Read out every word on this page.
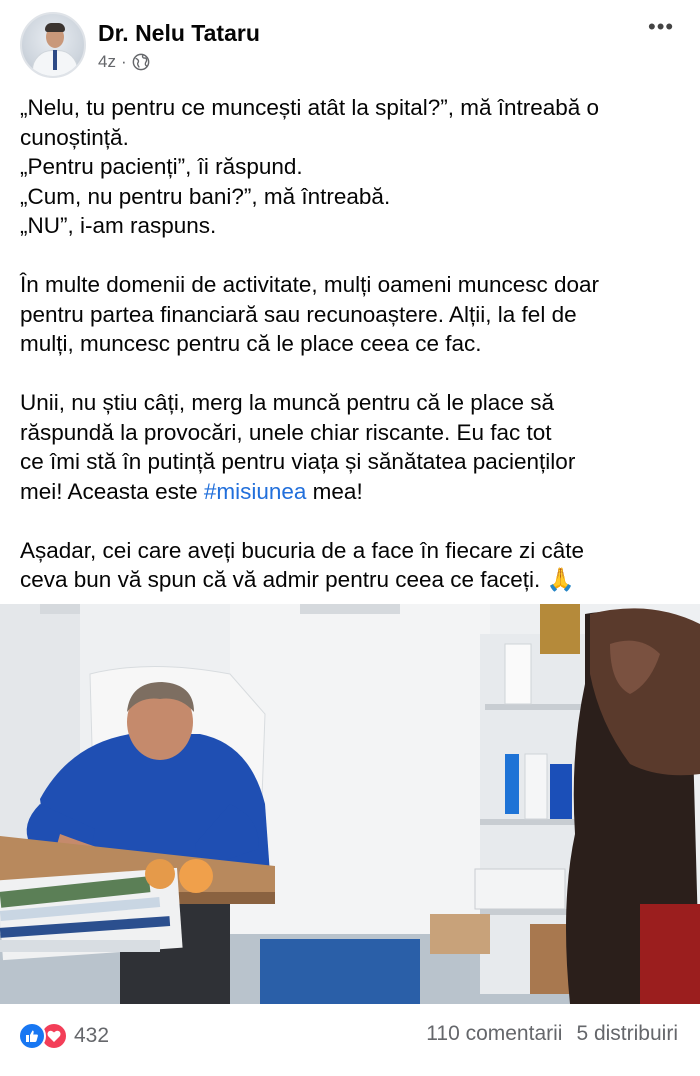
Dr. Nelu Tataru
4z ·
•••

„Nelu, tu pentru ce muncești atât la spital?”, mă întreabă o

cunoștință.

„Pentru pacienți”, îi răspund.

„Cum, nu pentru bani?”, mă întreabă.

„NU”, i-am raspuns.

În multe domenii de activitate, mulți oameni muncesc doar

pentru partea financiară sau recunoaștere. Alții, la fel de

mulți, muncesc pentru că le place ceea ce fac.

Unii, nu știu câți, merg la muncă pentru că le place să

răspundă la provocări, unele chiar riscante. Eu fac tot

ce îmi stă în putință pentru viața și sănătatea pacienților

mei! Aceasta este #misiunea mea!

Așadar, cei care aveți bucuria de a face în fiecare zi câte

ceva bun vă spun că vă admir pentru ceea ce faceți. 🙏

432	110 comentarii 5 distribuiri
